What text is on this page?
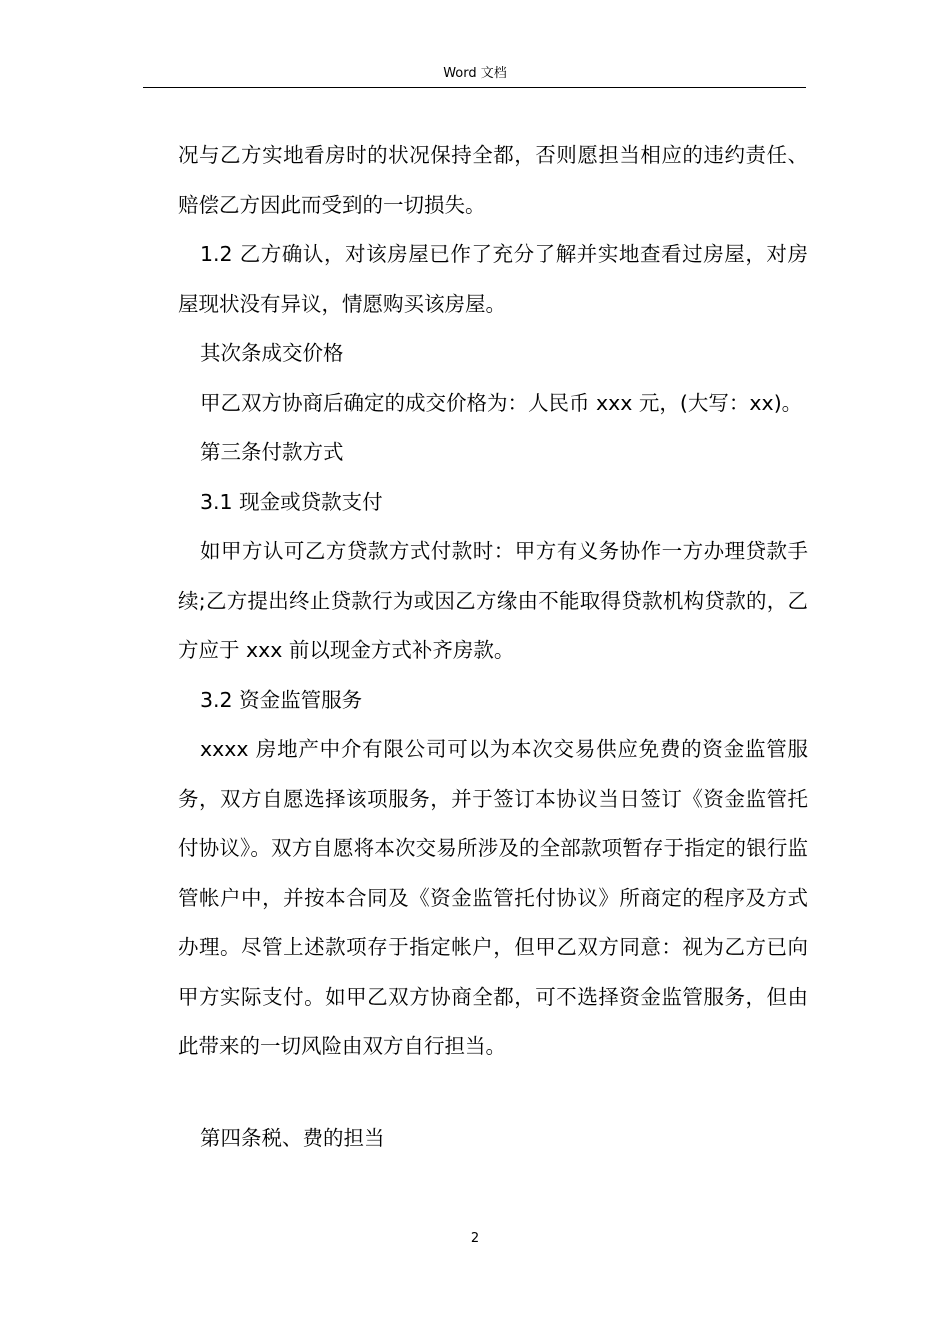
Word 文档

况与乙方实地看房时的状况保持全都，否则愿担当相应的违约责任、赔偿乙方因此而受到的一切损失。

1.2 乙方确认，对该房屋已作了充分了解并实地查看过房屋，对房屋现状没有异议，情愿购买该房屋。

其次条成交价格

甲乙双方协商后确定的成交价格为：人民币 xxx 元，(大写：xx)。

第三条付款方式

3.1 现金或贷款支付

如甲方认可乙方贷款方式付款时：甲方有义务协作一方办理贷款手续;乙方提出终止贷款行为或因乙方缘由不能取得贷款机构贷款的，乙方应于 xxx 前以现金方式补齐房款。

3.2 资金监管服务

xxxx 房地产中介有限公司可以为本次交易供应免费的资金监管服务，双方自愿选择该项服务，并于签订本协议当日签订《资金监管托付协议》。双方自愿将本次交易所涉及的全部款项暂存于指定的银行监管帐户中，并按本合同及《资金监管托付协议》所商定的程序及方式办理。尽管上述款项存于指定帐户，但甲乙双方同意：视为乙方已向甲方实际支付。如甲乙双方协商全都，可不选择资金监管服务，但由此带来的一切风险由双方自行担当。

第四条税、费的担当

2
